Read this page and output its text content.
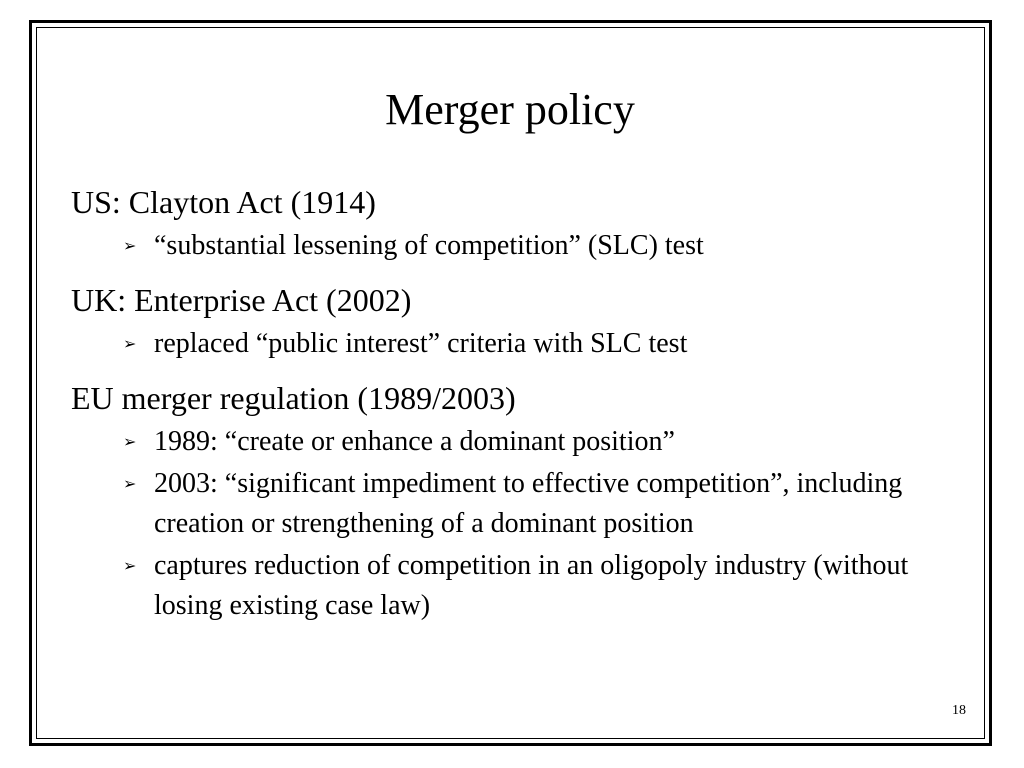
Merger policy

US: Clayton Act (1914)

➢ “substantial lessening of competition” (SLC) test

UK: Enterprise Act (2002)

➢ replaced “public interest” criteria with SLC test

EU merger regulation (1989/2003)

➢ 1989: “create or enhance a dominant position”
➢ 2003: “significant impediment to effective competition”, including creation or strengthening of a dominant position
➢ captures reduction of competition in an oligopoly industry (without losing existing case law)
18
